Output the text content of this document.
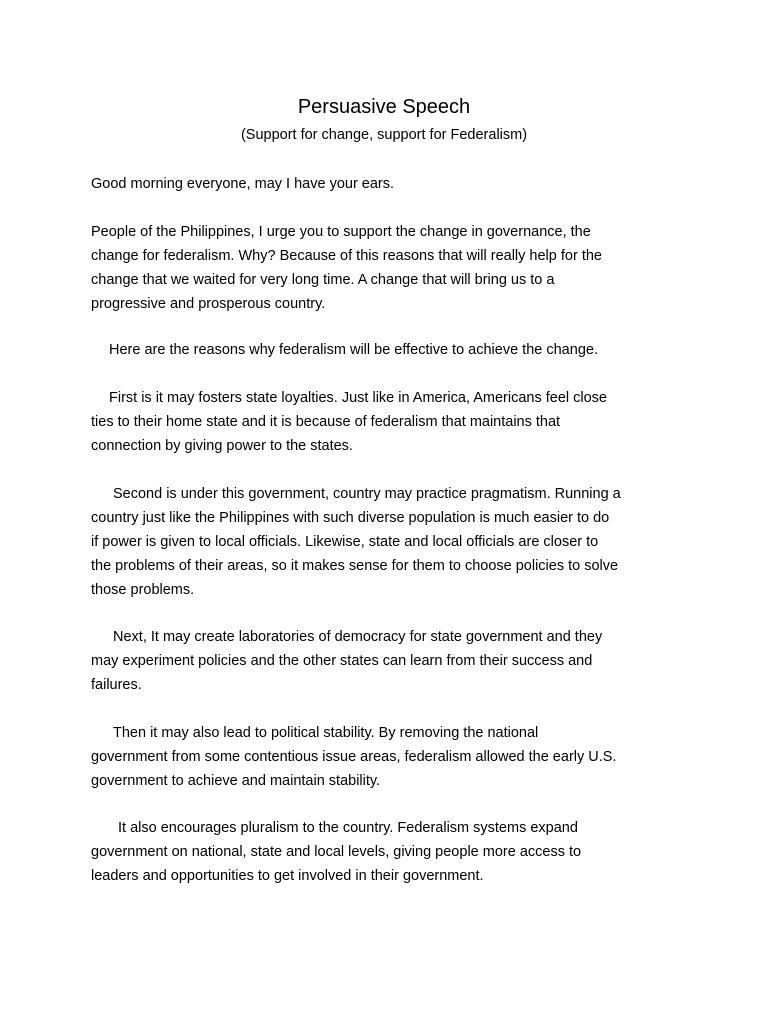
Persuasive Speech

(Support for change, support for Federalism)

Good morning everyone, may I have your ears.

People of the Philippines, I urge you to support the change in governance, the
change for federalism. Why? Because of this reasons that will really help for the
change that we waited for very long time. A change that will bring us to a
progressive and prosperous country.

Here are the reasons why federalism will be effective to achieve the change.

First is it may fosters state loyalties. Just like in America, Americans feel close
ties to their home state and it is because of federalism that maintains that
connection by giving power to the states.

Second is under this government, country may practice pragmatism. Running a
country just like the Philippines with such diverse population is much easier to do
if power is given to local officials. Likewise, state and local officials are closer to
the problems of their areas, so it makes sense for them to choose policies to solve
those problems.

Next, It may create laboratories of democracy for state government and they
may experiment policies and the other states can learn from their success and
failures.

Then it may also lead to political stability. By removing the national
government from some contentious issue areas, federalism allowed the early U.S.
government to achieve and maintain stability.

It also encourages pluralism to the country. Federalism systems expand
government on national, state and local levels, giving people more access to
leaders and opportunities to get involved in their government.
